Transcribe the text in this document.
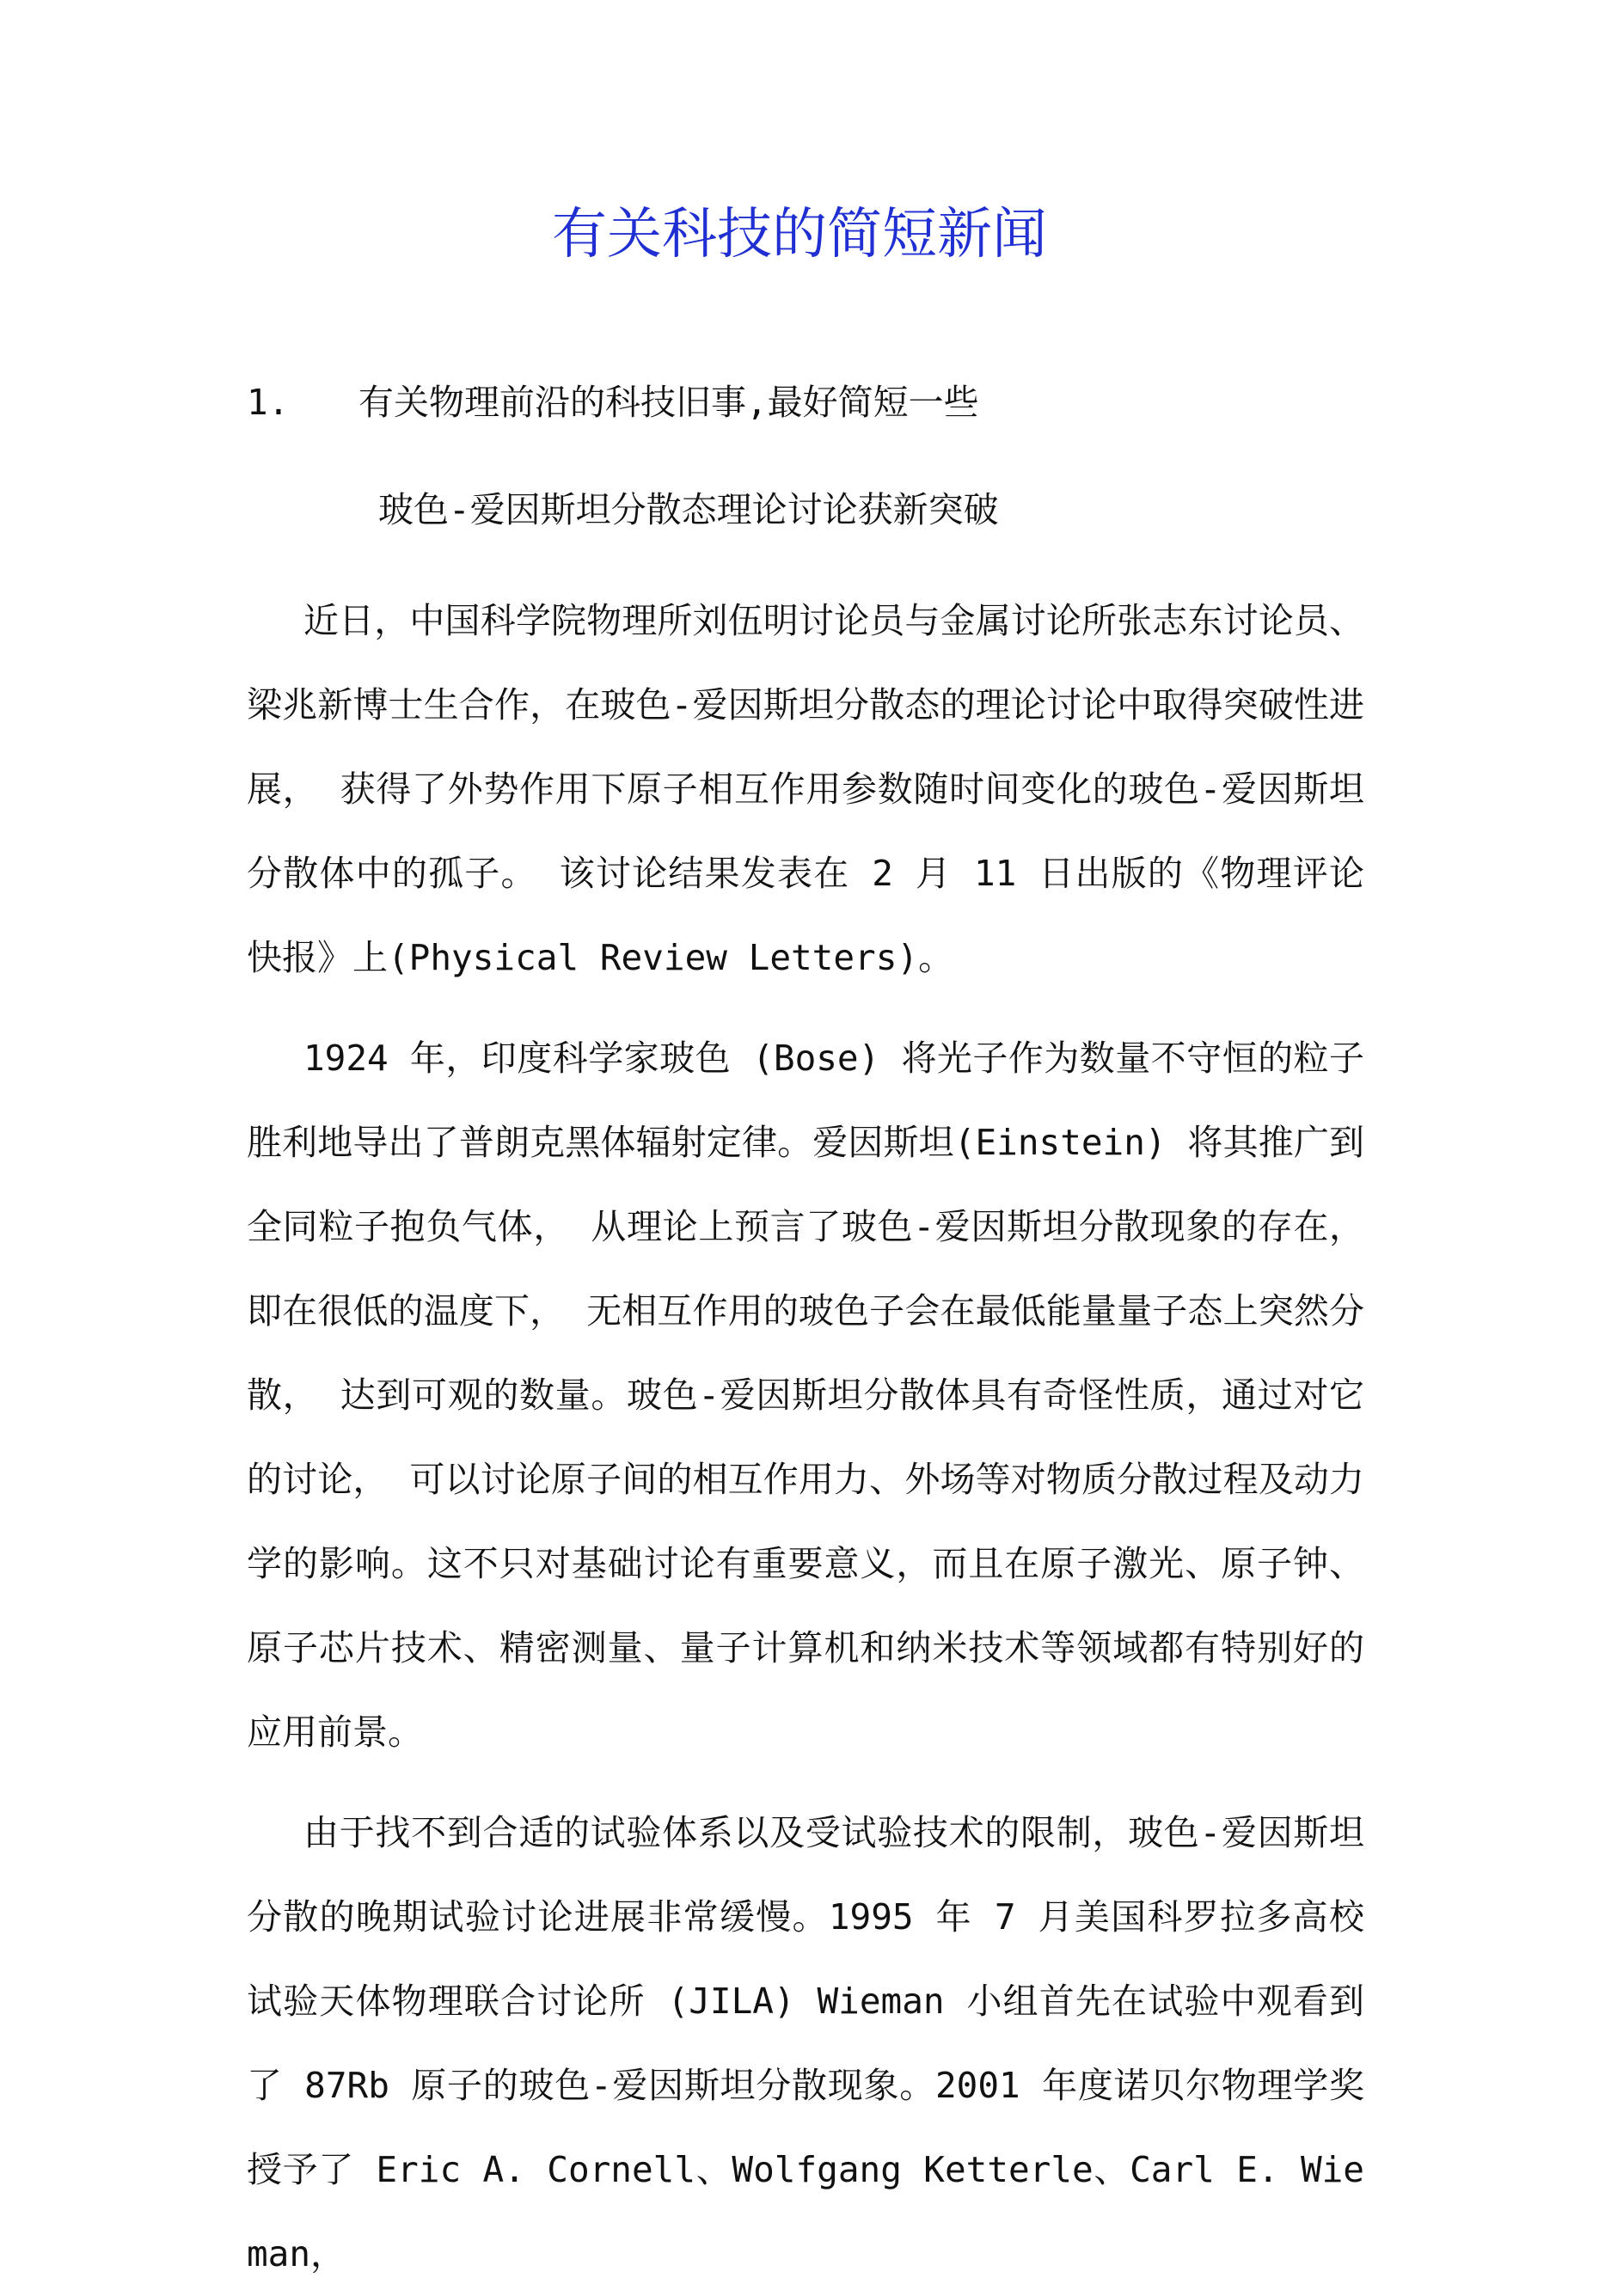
有关科技的简短新闻
1. 有关物理前沿的科技旧事,最好简短一些
玻色-爱因斯坦分散态理论讨论获新突破

近日，中国科学院物理所刘伍明讨论员与金属讨论所张志东讨论员、梁兆新博士生合作，在玻色-爱因斯坦分散态的理论讨论中取得突破性进展， 获得了外势作用下原子相互作用参数随时间变化的玻色-爱因斯坦分散体中的孤子。 该讨论结果发表在 2 月 11 日出版的《物理评论快报》上(Physical Review Letters)。

1924 年，印度科学家玻色 (Bose) 将光子作为数量不守恒的粒子胜利地导出了普朗克黑体辐射定律。爱因斯坦(Einstein) 将其推广到全同粒子抱负气体， 从理论上预言了玻色-爱因斯坦分散现象的存在， 即在很低的温度下， 无相互作用的玻色子会在最低能量量子态上突然分散， 达到可观的数量。玻色-爱因斯坦分散体具有奇怪性质，通过对它的讨论， 可以讨论原子间的相互作用力、外场等对物质分散过程及动力学的影响。这不只对基础讨论有重要意义，而且在原子激光、原子钟、原子芯片技术、精密测量、量子计算机和纳米技术等领域都有特别好的应用前景。

由于找不到合适的试验体系以及受试验技术的限制，玻色-爱因斯坦分散的晚期试验讨论进展非常缓慢。1995 年 7 月美国科罗拉多高校试验天体物理联合讨论所 (JILA) Wieman 小组首先在试验中观看到了 87Rb 原子的玻色-爱因斯坦分散现象。2001 年度诺贝尔物理学奖授予了 Eric A. Cornell、Wolfgang Ketterle、Carl E. Wieman，
